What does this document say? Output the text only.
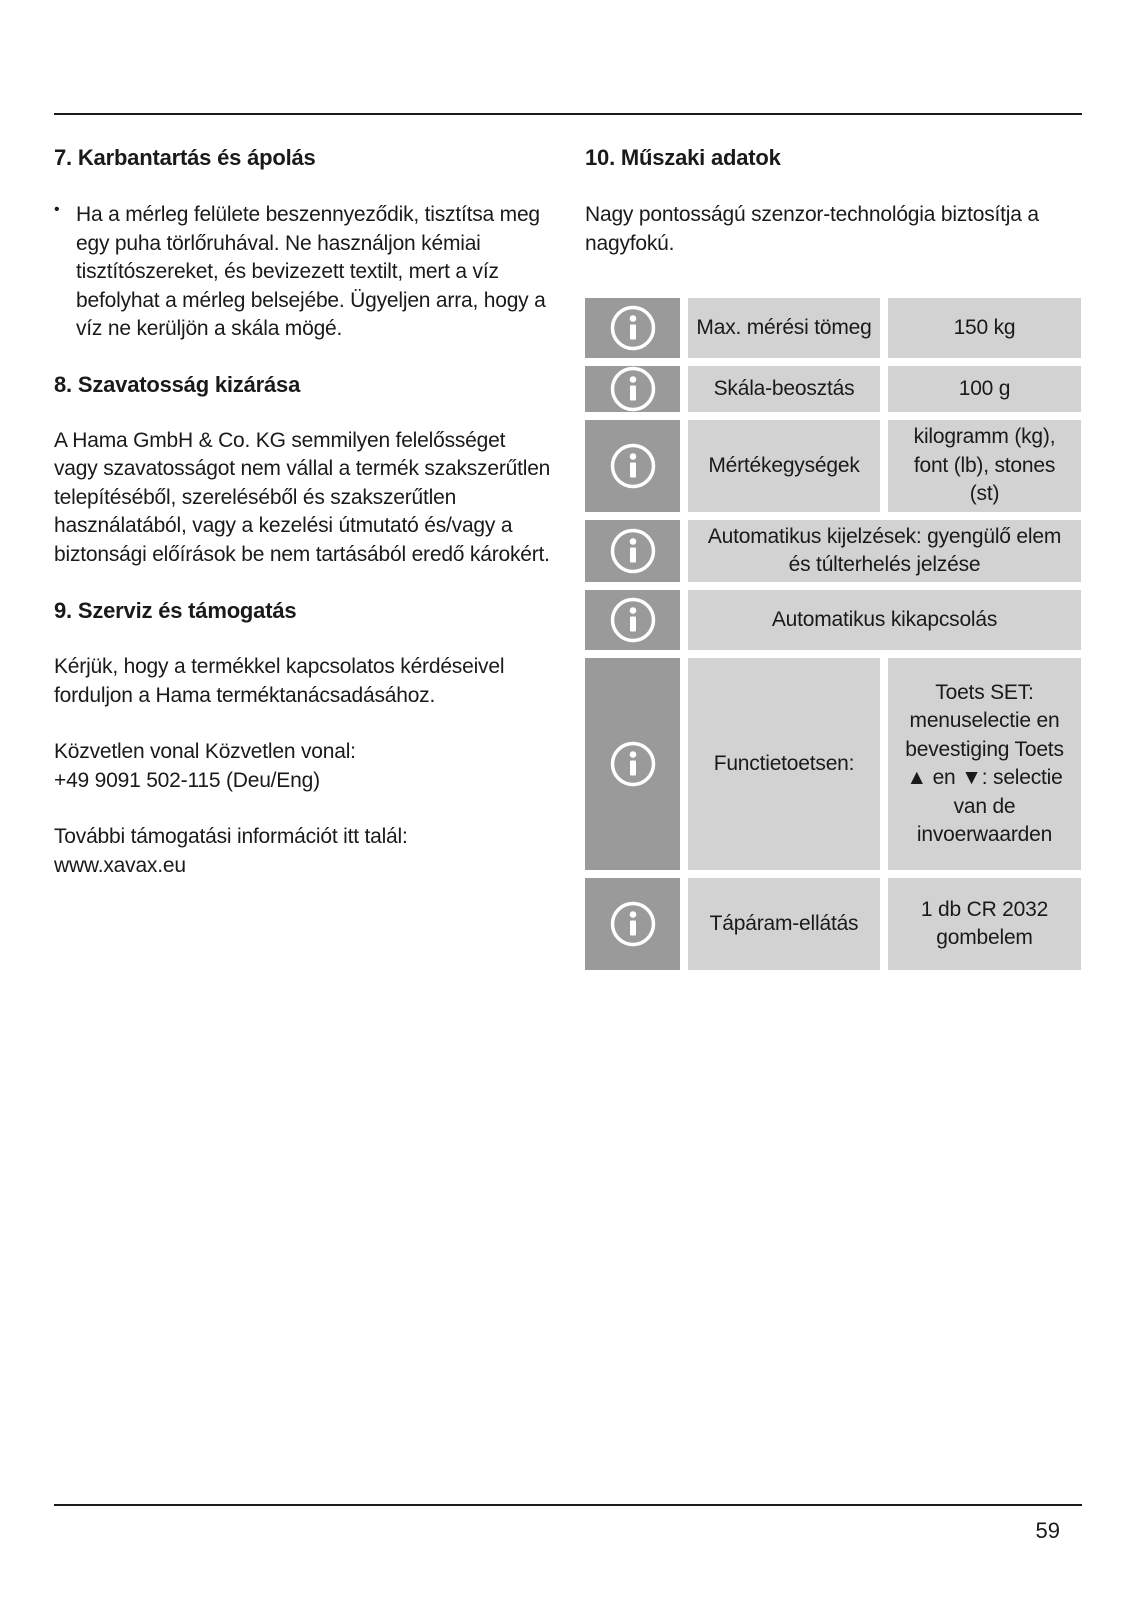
7. Karbantartás és ápolás
• Ha a mérleg felülete beszennyeződik, tisztítsa meg egy puha törlőruhával. Ne használjon kémiai tisztítószereket, és bevizezett textilt, mert a víz befolyhat a mérleg belsejébe. Ügyeljen arra, hogy a víz ne kerüljön a skála mögé.

8. Szavatosság kizárása

A Hama GmbH & Co. KG semmilyen felelősséget vagy szavatosságot nem vállal a termék szakszerűtlen telepítéséből, szereléséből és szakszerűtlen használatából, vagy a kezelési útmutató és/vagy a biztonsági előírások be nem tartásából eredő károkért.

9. Szerviz és támogatás

Kérjük, hogy a termékkel kapcsolatos kérdéseivel forduljon a Hama terméktanácsadásához.

Közvetlen vonal Közvetlen vonal:

+49 9091 502-115 (Deu/Eng)

További támogatási információt itt talál:

www.xavax.eu

10. Műszaki adatok

Nagy pontosságú szenzor-technológia biztosítja a nagyfokú.

Max. mérési tömeg	150 kg
Skála-beosztás	100 g
Mértékegységek
kilogramm (kg), font (lb), stones (st)
Automatikus kijelzések: gyengülő elem és túlterhelés jelzése
Automatikus kikapcsolás
Functietoetsen:
Toets SET: menuselectie en bevestiging Toets ▲ en ▼: selectie van de invoerwaarden
Tápáram-ellátás
1 db CR 2032 gombelem
59
